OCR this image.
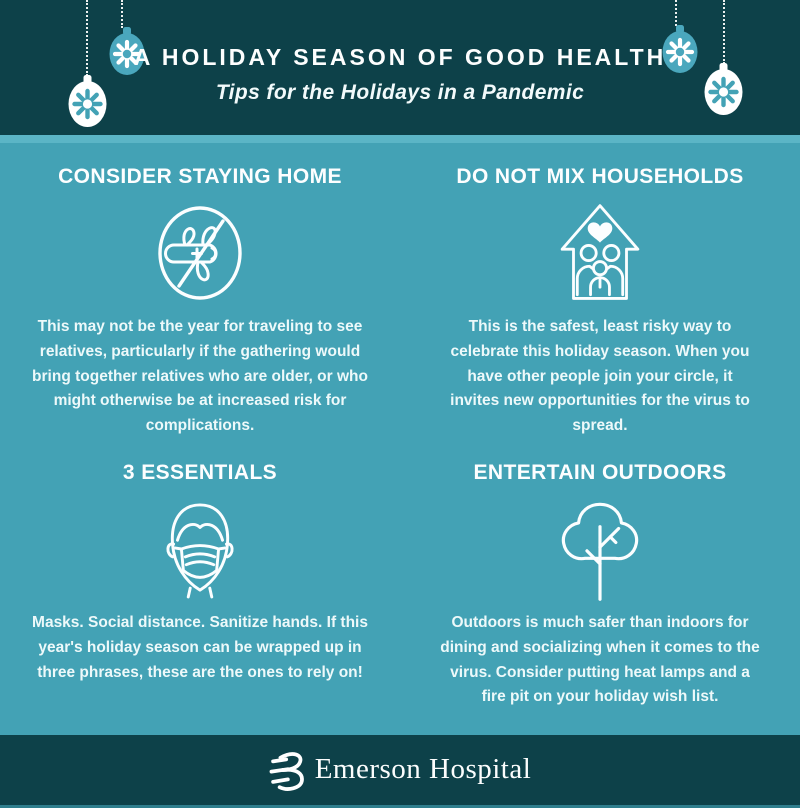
A HOLIDAY SEASON OF GOOD HEALTH
Tips for the Holidays in a Pandemic
CONSIDER STAYING HOME

This may not be the year for traveling to see relatives, particularly if the gathering would bring together relatives who are older, or who might otherwise be at increased risk for complications.

DO NOT MIX HOUSEHOLDS

This is the safest, least risky way to celebrate this holiday season. When you have other people join your circle, it invites new opportunities for the virus to spread.

3 ESSENTIALS

Masks. Social distance. Sanitize hands. If this year's holiday season can be wrapped up in three phrases, these are the ones to rely on!

ENTERTAIN OUTDOORS

Outdoors is much safer than indoors for dining and socializing when it comes to the virus. Consider putting heat lamps and a fire pit on your holiday wish list.

Emerson Hospital
